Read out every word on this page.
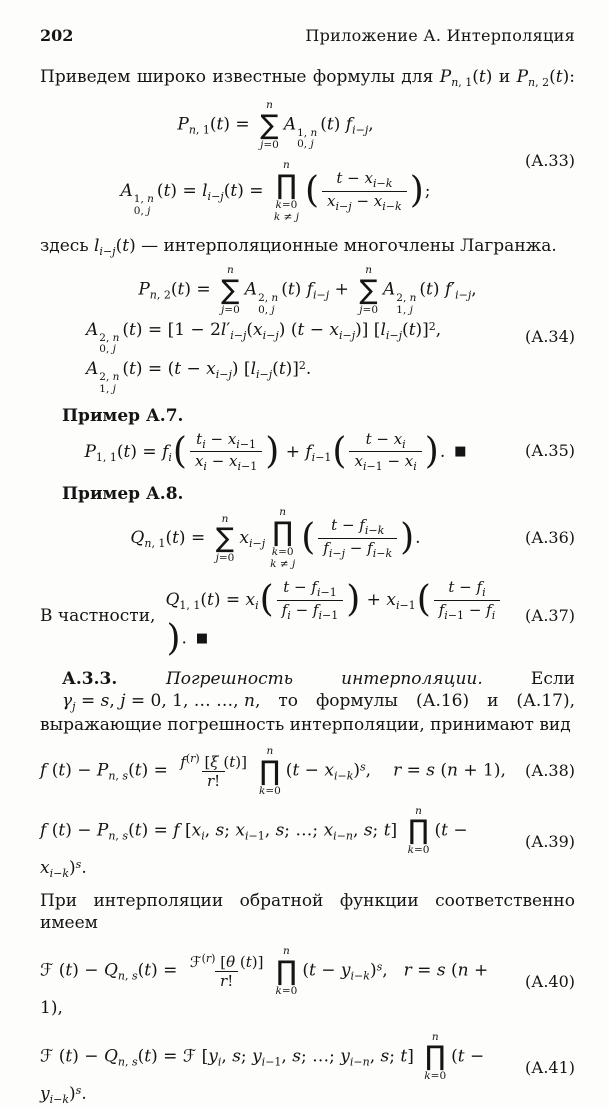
202	Приложение А. Интерполяция
Приведем широко известные формулы для $P_{n, 1}(t)$ и $P_{n, 2}(t)$:
$P_{n, 1}(t)$ =
n
∑
j=0
A 1, n
0, j
(t) $f_{i-j}$,
A 1, n
0, j
$(t) = l_{i-j}(t)$ =
n
∏
k=0
k ≠ j
( $\frac{t - x_{i-k}}{x_{i-j} - x_{i-k}}$ );
(А.33)
здесь $l_{i-j}(t)$ — интерполяционные многочлены Лагранжа.
$P_{n, 2}(t)$ =
n
∑
j=0
A 2, n
0, j
(t) $f_{i-j}$ +
n
∑
j=0
A 2, n
1, j
(t) $f'_{i-j}$,
A 2, n
0, j
$(t) = [1 - 2l'_{i-j}(x_{i-j}) (t - x_{i-j})]$ $[l_{i-j}(t)]^2$,	(А.34)
A 2, n
1, j
$(t) = (t - x_{i-j})$ $[l_{i-j}(t)]^2$.
Пример А.7.
$P_{1, 1}(t) = f_i( \frac{t_i - x_{i-1}}{x_i - x_{i-1}}$ ) + $f_{i-1}( \frac{t - x_i}{x_{i-1} - x_i}$ ). ■	(А.35)
Пример А.8.
$Q_{n, 1}(t)$ =
n
∑
j=0
$x_{i-j}$
n
∏
k=0
k ≠ j
( $\frac{t - f_{i-k}}{f_{i-j} - f_{i-k}}$ ).	(А.36)
В частности,
$Q_{1, 1}(t) = x_i( \frac{t - f_{i-1}}{f_i - f_{i-1}}$ ) + $x_{i-1}( \frac{t - f_i}{f_{i-1} - f_i}$
). ■
(А.37)
А.3.3. Погрешность интерполяции. Если $\gamma_j = s$, j = 0, 1, … …, n, то формулы (А.16) и (А.17), выражающие погрешность интерполяции, принимают вид
f $(t) - P_{n, s}(t) = \frac{f^{(r)} [\xi (t)]}{r!}$
n
∏
k=0
$(t - x_{i-k})^s$, r = s (n + 1),	(А.38)
f $(t) - P_{n, s}(t) = f$ [$x_i$, s; $x_{i-1}$, s; …; $x_{i-n}$, s; t]
n
∏
k=0
$(t - x_{i-k})^s$.
(А.39)
При интерполяции обратной функции соответственно имеем
ℱ $(t) - Q_{n, s}(t) = \frac{ℱ^{(r)} [\theta (t)]}{r!}$
n
∏
k=0
$(t - y_{i-k})^s$, r = s (n + 1),
(А.40)
ℱ $(t) - Q_{n, s}(t)$ = ℱ [$y_i$, s; $y_{i-1}$, s; …; $y_{i-n}$, s; t]
n
∏
k=0
$(t - y_{i-k})^s$.
(А.41)
